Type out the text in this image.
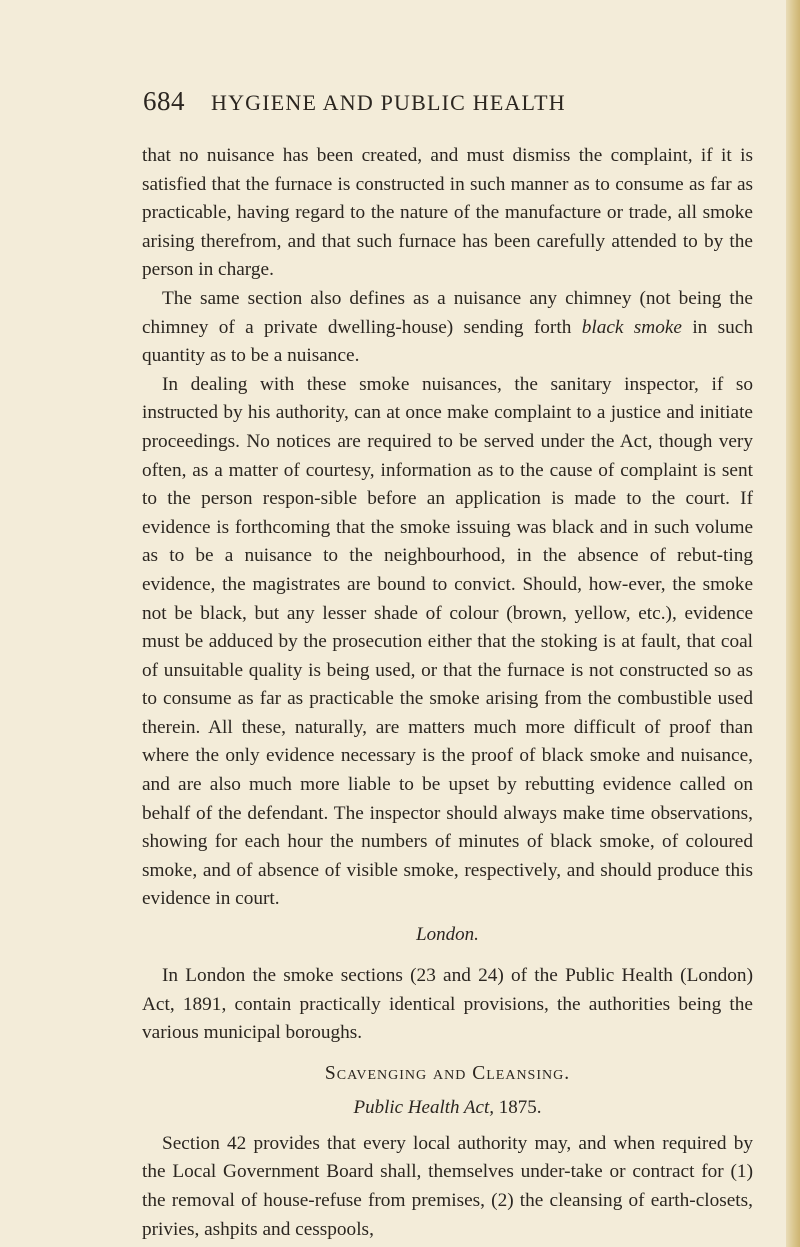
684 HYGIENE AND PUBLIC HEALTH

that no nuisance has been created, and must dismiss the complaint, if it is satisfied that the furnace is constructed in such manner as to consume as far as practicable, having regard to the nature of the manufacture or trade, all smoke arising therefrom, and that such furnace has been carefully attended to by the person in charge.

The same section also defines as a nuisance any chimney (not being the chimney of a private dwelling-house) sending forth black smoke in such quantity as to be a nuisance.

In dealing with these smoke nuisances, the sanitary inspector, if so instructed by his authority, can at once make complaint to a justice and initiate proceedings. No notices are required to be served under the Act, though very often, as a matter of courtesy, information as to the cause of complaint is sent to the person respon-sible before an application is made to the court. If evidence is forthcoming that the smoke issuing was black and in such volume as to be a nuisance to the neighbourhood, in the absence of rebut-ting evidence, the magistrates are bound to convict. Should, how-ever, the smoke not be black, but any lesser shade of colour (brown, yellow, etc.), evidence must be adduced by the prosecution either that the stoking is at fault, that coal of unsuitable quality is being used, or that the furnace is not constructed so as to consume as far as practicable the smoke arising from the combustible used therein. All these, naturally, are matters much more difficult of proof than where the only evidence necessary is the proof of black smoke and nuisance, and are also much more liable to be upset by rebutting evidence called on behalf of the defendant. The inspector should always make time observations, showing for each hour the numbers of minutes of black smoke, of coloured smoke, and of absence of visible smoke, respectively, and should produce this evidence in court.

London.

In London the smoke sections (23 and 24) of the Public Health (London) Act, 1891, contain practically identical provisions, the authorities being the various municipal boroughs.

Scavenging and Cleansing.
Public Health Act, 1875.

Section 42 provides that every local authority may, and when required by the Local Government Board shall, themselves under-take or contract for (1) the removal of house-refuse from premises, (2) the cleansing of earth-closets, privies, ashpits and cesspools,
